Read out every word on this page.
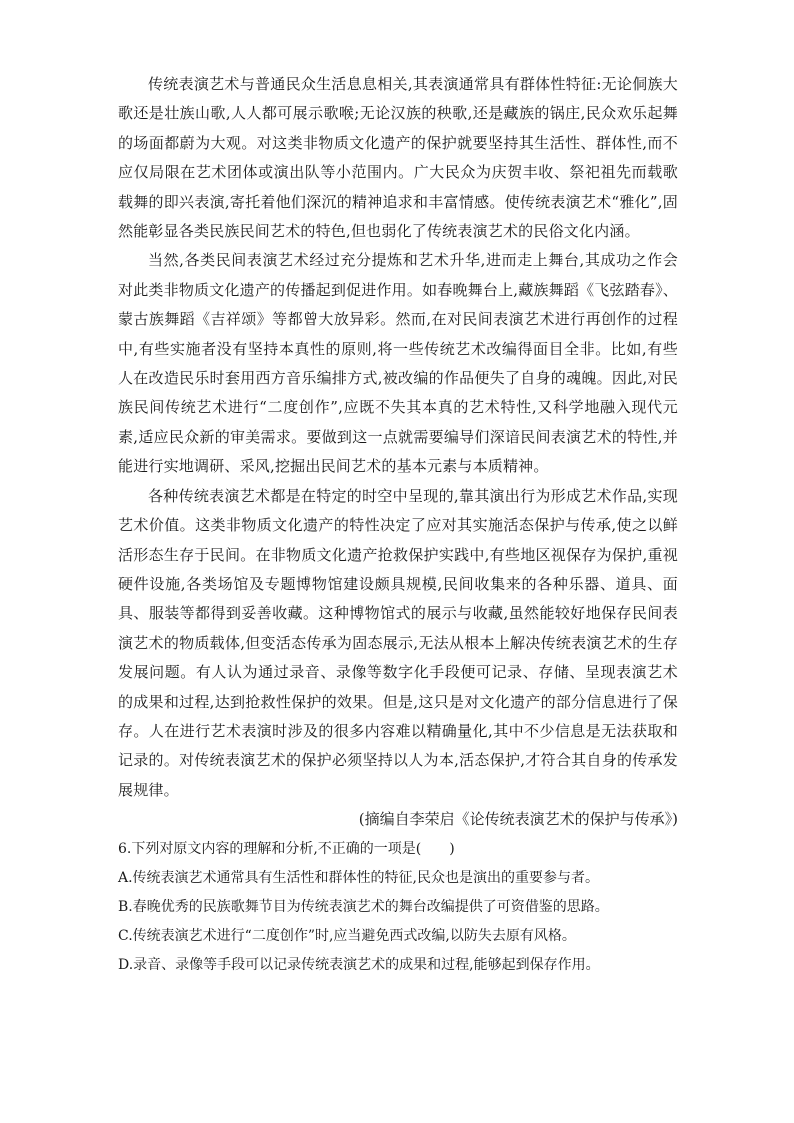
传统表演艺术与普通民众生活息息相关,其表演通常具有群体性特征:无论侗族大歌还是壮族山歌,人人都可展示歌喉;无论汉族的秧歌,还是藏族的锅庄,民众欢乐起舞的场面都蔚为大观。对这类非物质文化遗产的保护就要坚持其生活性、群体性,而不应仅局限在艺术团体或演出队等小范围内。广大民众为庆贺丰收、祭祀祖先而载歌载舞的即兴表演,寄托着他们深沉的精神追求和丰富情感。使传统表演艺术“雅化”,固然能彰显各类民族民间艺术的特色,但也弱化了传统表演艺术的民俗文化内涵。

当然,各类民间表演艺术经过充分提炼和艺术升华,进而走上舞台,其成功之作会对此类非物质文化遗产的传播起到促进作用。如春晚舞台上,藏族舞蹈《飞弦踏春》、蒙古族舞蹈《吉祥颂》等都曾大放异彩。然而,在对民间表演艺术进行再创作的过程中,有些实施者没有坚持本真性的原则,将一些传统艺术改编得面目全非。比如,有些人在改造民乐时套用西方音乐编排方式,被改编的作品便失了自身的魂魄。因此,对民族民间传统艺术进行“二度创作”,应既不失其本真的艺术特性,又科学地融入现代元素,适应民众新的审美需求。要做到这一点就需要编导们深谙民间表演艺术的特性,并能进行实地调研、采风,挖掘出民间艺术的基本元素与本质精神。

各种传统表演艺术都是在特定的时空中呈现的,靠其演出行为形成艺术作品,实现艺术价值。这类非物质文化遗产的特性决定了应对其实施活态保护与传承,使之以鲜活形态生存于民间。在非物质文化遗产抢救保护实践中,有些地区视保存为保护,重视硬件设施,各类场馆及专题博物馆建设颇具规模,民间收集来的各种乐器、道具、面具、服装等都得到妥善收藏。这种博物馆式的展示与收藏,虽然能较好地保存民间表演艺术的物质载体,但变活态传承为固态展示,无法从根本上解决传统表演艺术的生存发展问题。有人认为通过录音、录像等数字化手段便可记录、存储、呈现表演艺术的成果和过程,达到抢救性保护的效果。但是,这只是对文化遗产的部分信息进行了保存。人在进行艺术表演时涉及的很多内容难以精确量化,其中不少信息是无法获取和记录的。对传统表演艺术的保护必须坚持以人为本,活态保护,才符合其自身的传承发展规律。

(摘编自李荣启《论传统表演艺术的保护与传承》)

6.下列对原文内容的理解和分析,不正确的一项是(　　)

A.传统表演艺术通常具有生活性和群体性的特征,民众也是演出的重要参与者。

B.春晚优秀的民族歌舞节目为传统表演艺术的舞台改编提供了可资借鉴的思路。

C.传统表演艺术进行“二度创作”时,应当避免西式改编,以防失去原有风格。

D.录音、录像等手段可以记录传统表演艺术的成果和过程,能够起到保存作用。
